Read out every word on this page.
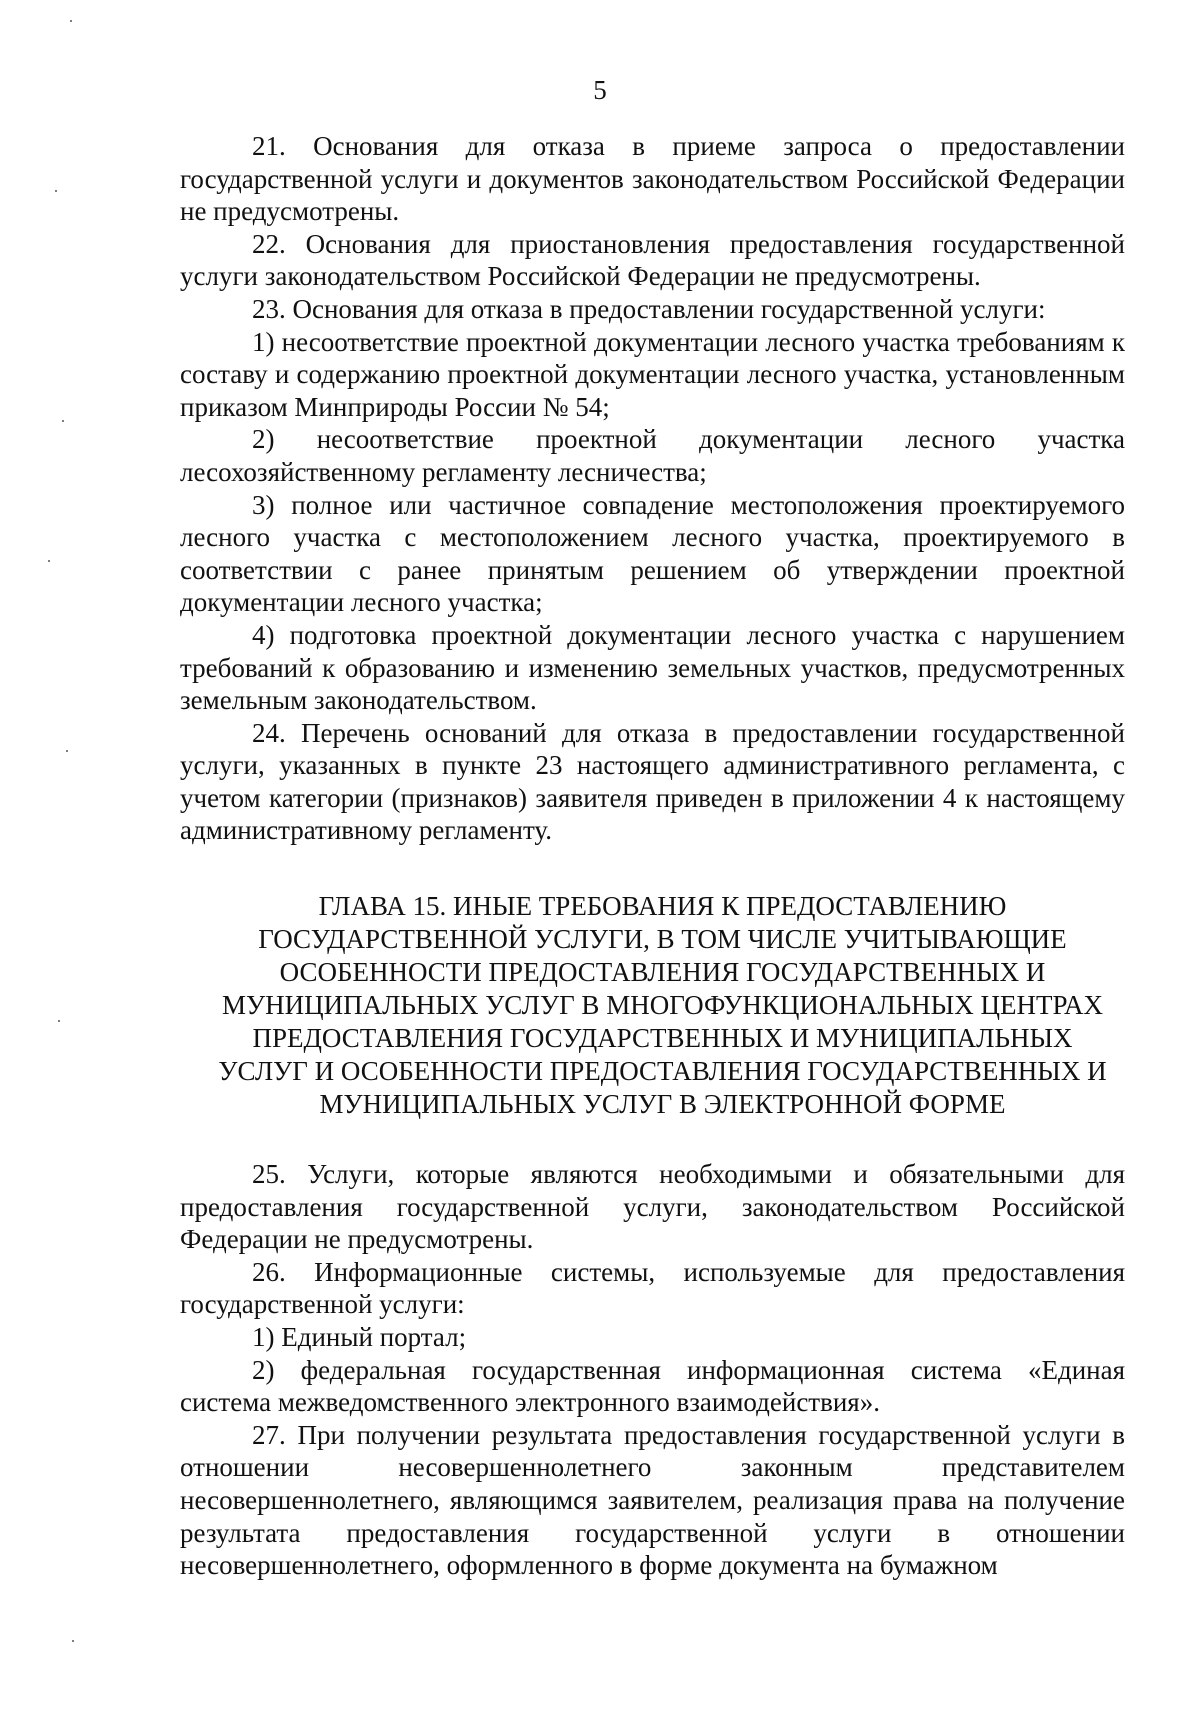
5

21. Основания для отказа в приеме запроса о предоставлении государственной услуги и документов законодательством Российской Федерации не предусмотрены.

22. Основания для приостановления предоставления государственной услуги законодательством Российской Федерации не предусмотрены.

23. Основания для отказа в предоставлении государственной услуги:

1) несоответствие проектной документации лесного участка требованиям к составу и содержанию проектной документации лесного участка, установленным приказом Минприроды России № 54;

2) несоответствие проектной документации лесного участка лесохозяйственному регламенту лесничества;

3) полное или частичное совпадение местоположения проектируемого лесного участка с местоположением лесного участка, проектируемого в соответствии с ранее принятым решением об утверждении проектной документации лесного участка;

4) подготовка проектной документации лесного участка с нарушением требований к образованию и изменению земельных участков, предусмотренных земельным законодательством.

24. Перечень оснований для отказа в предоставлении государственной услуги, указанных в пункте 23 настоящего административного регламента, с учетом категории (признаков) заявителя приведен в приложении 4 к настоящему административному регламенту.

ГЛАВА 15. ИНЫЕ ТРЕБОВАНИЯ К ПРЕДОСТАВЛЕНИЮ
ГОСУДАРСТВЕННОЙ УСЛУГИ, В ТОМ ЧИСЛЕ УЧИТЫВАЮЩИЕ
ОСОБЕННОСТИ ПРЕДОСТАВЛЕНИЯ ГОСУДАРСТВЕННЫХ И
МУНИЦИПАЛЬНЫХ УСЛУГ В МНОГОФУНКЦИОНАЛЬНЫХ ЦЕНТРАХ
ПРЕДОСТАВЛЕНИЯ ГОСУДАРСТВЕННЫХ И МУНИЦИПАЛЬНЫХ
УСЛУГ И ОСОБЕННОСТИ ПРЕДОСТАВЛЕНИЯ ГОСУДАРСТВЕННЫХ И
МУНИЦИПАЛЬНЫХ УСЛУГ В ЭЛЕКТРОННОЙ ФОРМЕ

25. Услуги, которые являются необходимыми и обязательными для предоставления государственной услуги, законодательством Российской Федерации не предусмотрены.

26. Информационные системы, используемые для предоставления государственной услуги:

1) Единый портал;

2) федеральная государственная информационная система «Единая система межведомственного электронного взаимодействия».

27. При получении результата предоставления государственной услуги в отношении несовершеннолетнего законным представителем несовершеннолетнего, являющимся заявителем, реализация права на получение результата предоставления государственной услуги в отношении несовершеннолетнего, оформленного в форме документа на бумажном
